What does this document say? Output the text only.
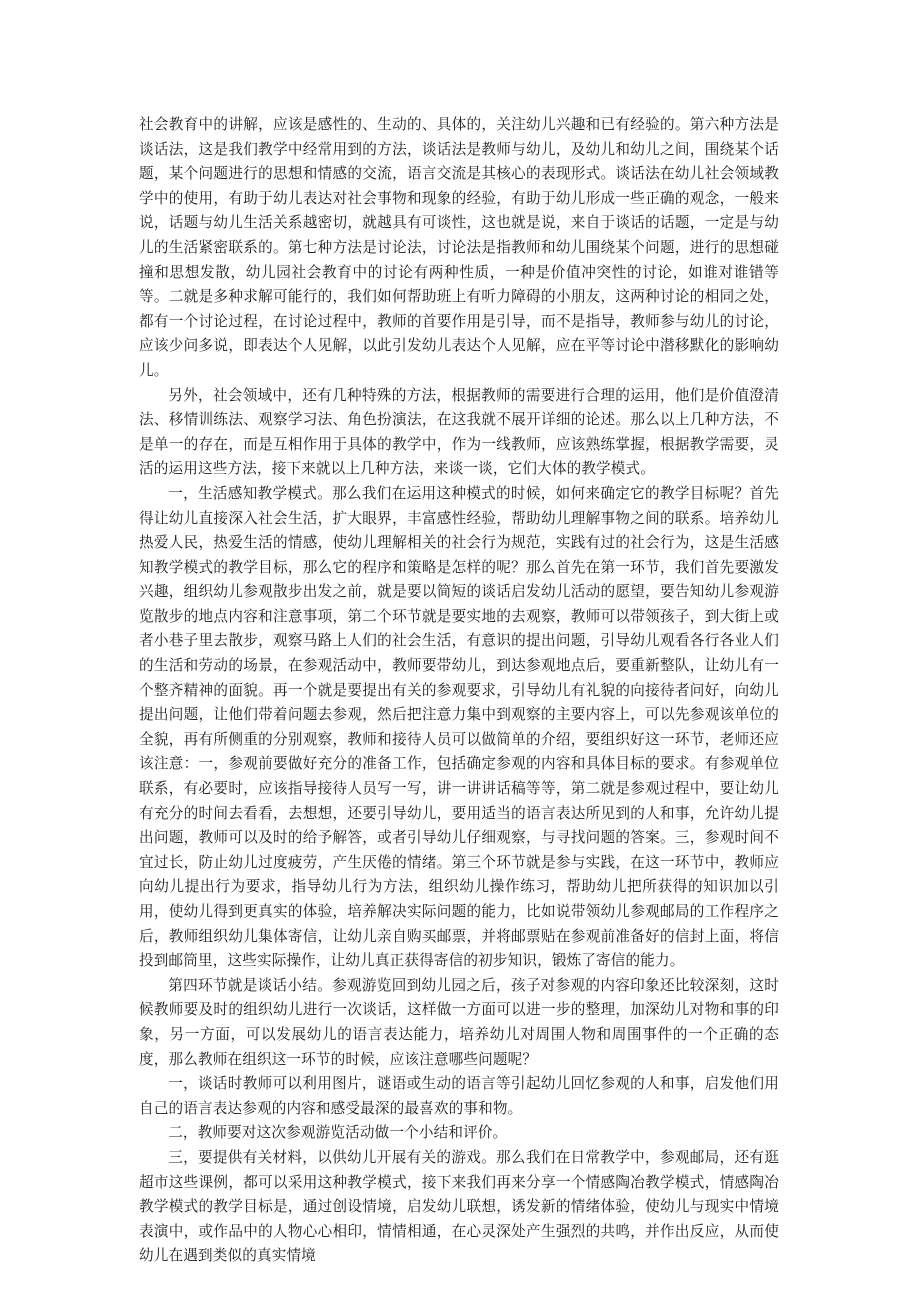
社会教育中的讲解，应该是感性的、生动的、具体的，关注幼儿兴趣和已有经验的。第六种方法是谈话法，这是我们教学中经常用到的方法，谈话法是教师与幼儿，及幼儿和幼儿之间，围绕某个话题，某个问题进行的思想和情感的交流，语言交流是其核心的表现形式。谈话法在幼儿社会领域教学中的使用，有助于幼儿表达对社会事物和现象的经验，有助于幼儿形成一些正确的观念，一般来说，话题与幼儿生活关系越密切，就越具有可谈性，这也就是说，来自于谈话的话题，一定是与幼儿的生活紧密联系的。第七种方法是讨论法，讨论法是指教师和幼儿围绕某个问题，进行的思想碰撞和思想发散，幼儿园社会教育中的讨论有两种性质，一种是价值冲突性的讨论，如谁对谁错等等。二就是多种求解可能行的，我们如何帮助班上有听力障碍的小朋友，这两种讨论的相同之处，都有一个讨论过程，在讨论过程中，教师的首要作用是引导，而不是指导，教师参与幼儿的讨论，应该少问多说，即表达个人见解，以此引发幼儿表达个人见解，应在平等讨论中潜移默化的影响幼儿。

另外，社会领域中，还有几种特殊的方法，根据教师的需要进行合理的运用，他们是价值澄清法、移情训练法、观察学习法、角色扮演法，在这我就不展开详细的论述。那么以上几种方法，不是单一的存在，而是互相作用于具体的教学中，作为一线教师，应该熟练掌握，根据教学需要，灵活的运用这些方法，接下来就以上几种方法，来谈一谈，它们大体的教学模式。

一，生活感知教学模式。那么我们在运用这种模式的时候，如何来确定它的教学目标呢？首先得让幼儿直接深入社会生活，扩大眼界，丰富感性经验，帮助幼儿理解事物之间的联系。培养幼儿热爱人民，热爱生活的情感，使幼儿理解相关的社会行为规范，实践有过的社会行为，这是生活感知教学模式的教学目标，那么它的程序和策略是怎样的呢？那么首先在第一环节，我们首先要激发兴趣，组织幼儿参观散步出发之前，就是要以简短的谈话启发幼儿活动的愿望，要告知幼儿参观游览散步的地点内容和注意事项，第二个环节就是要实地的去观察，教师可以带领孩子，到大街上或者小巷子里去散步，观察马路上人们的社会生活，有意识的提出问题，引导幼儿观看各行各业人们的生活和劳动的场景，在参观活动中，教师要带幼儿，到达参观地点后，要重新整队，让幼儿有一个整齐精神的面貌。再一个就是要提出有关的参观要求，引导幼儿有礼貌的向接待者问好，向幼儿提出问题，让他们带着问题去参观，然后把注意力集中到观察的主要内容上，可以先参观该单位的全貌，再有所侧重的分别观察，教师和接待人员可以做简单的介绍，要组织好这一环节，老师还应该注意：一，参观前要做好充分的准备工作，包括确定参观的内容和具体目标的要求。有参观单位联系，有必要时，应该指导接待人员写一写，讲一讲讲话稿等等，第二就是参观过程中，要让幼儿有充分的时间去看看，去想想，还要引导幼儿，要用适当的语言表达所见到的人和事，允许幼儿提出问题，教师可以及时的给予解答，或者引导幼儿仔细观察，与寻找问题的答案。三，参观时间不宜过长，防止幼儿过度疲劳，产生厌倦的情绪。第三个环节就是参与实践，在这一环节中，教师应向幼儿提出行为要求，指导幼儿行为方法，组织幼儿操作练习，帮助幼儿把所获得的知识加以引用，使幼儿得到更真实的体验，培养解决实际问题的能力，比如说带领幼儿参观邮局的工作程序之后，教师组织幼儿集体寄信，让幼儿亲自购买邮票，并将邮票贴在参观前准备好的信封上面，将信投到邮筒里，这些实际操作，让幼儿真正获得寄信的初步知识，锻炼了寄信的能力。

第四环节就是谈话小结。参观游览回到幼儿园之后，孩子对参观的内容印象还比较深刻，这时候教师要及时的组织幼儿进行一次谈话，这样做一方面可以进一步的整理，加深幼儿对物和事的印象，另一方面，可以发展幼儿的语言表达能力，培养幼儿对周围人物和周围事件的一个正确的态度，那么教师在组织这一环节的时候，应该注意哪些问题呢？

一，谈话时教师可以利用图片，谜语或生动的语言等引起幼儿回忆参观的人和事，启发他们用自己的语言表达参观的内容和感受最深的最喜欢的事和物。

二，教师要对这次参观游览活动做一个小结和评价。

三，要提供有关材料，以供幼儿开展有关的游戏。那么我们在日常教学中，参观邮局，还有逛超市这些课例，都可以采用这种教学模式，接下来我们再来分享一个情感陶冶教学模式，情感陶冶教学模式的教学目标是，通过创设情境，启发幼儿联想，诱发新的情绪体验，使幼儿与现实中情境表演中，或作品中的人物心心相印，情情相通，在心灵深处产生强烈的共鸣，并作出反应，从而使幼儿在遇到类似的真实情境
